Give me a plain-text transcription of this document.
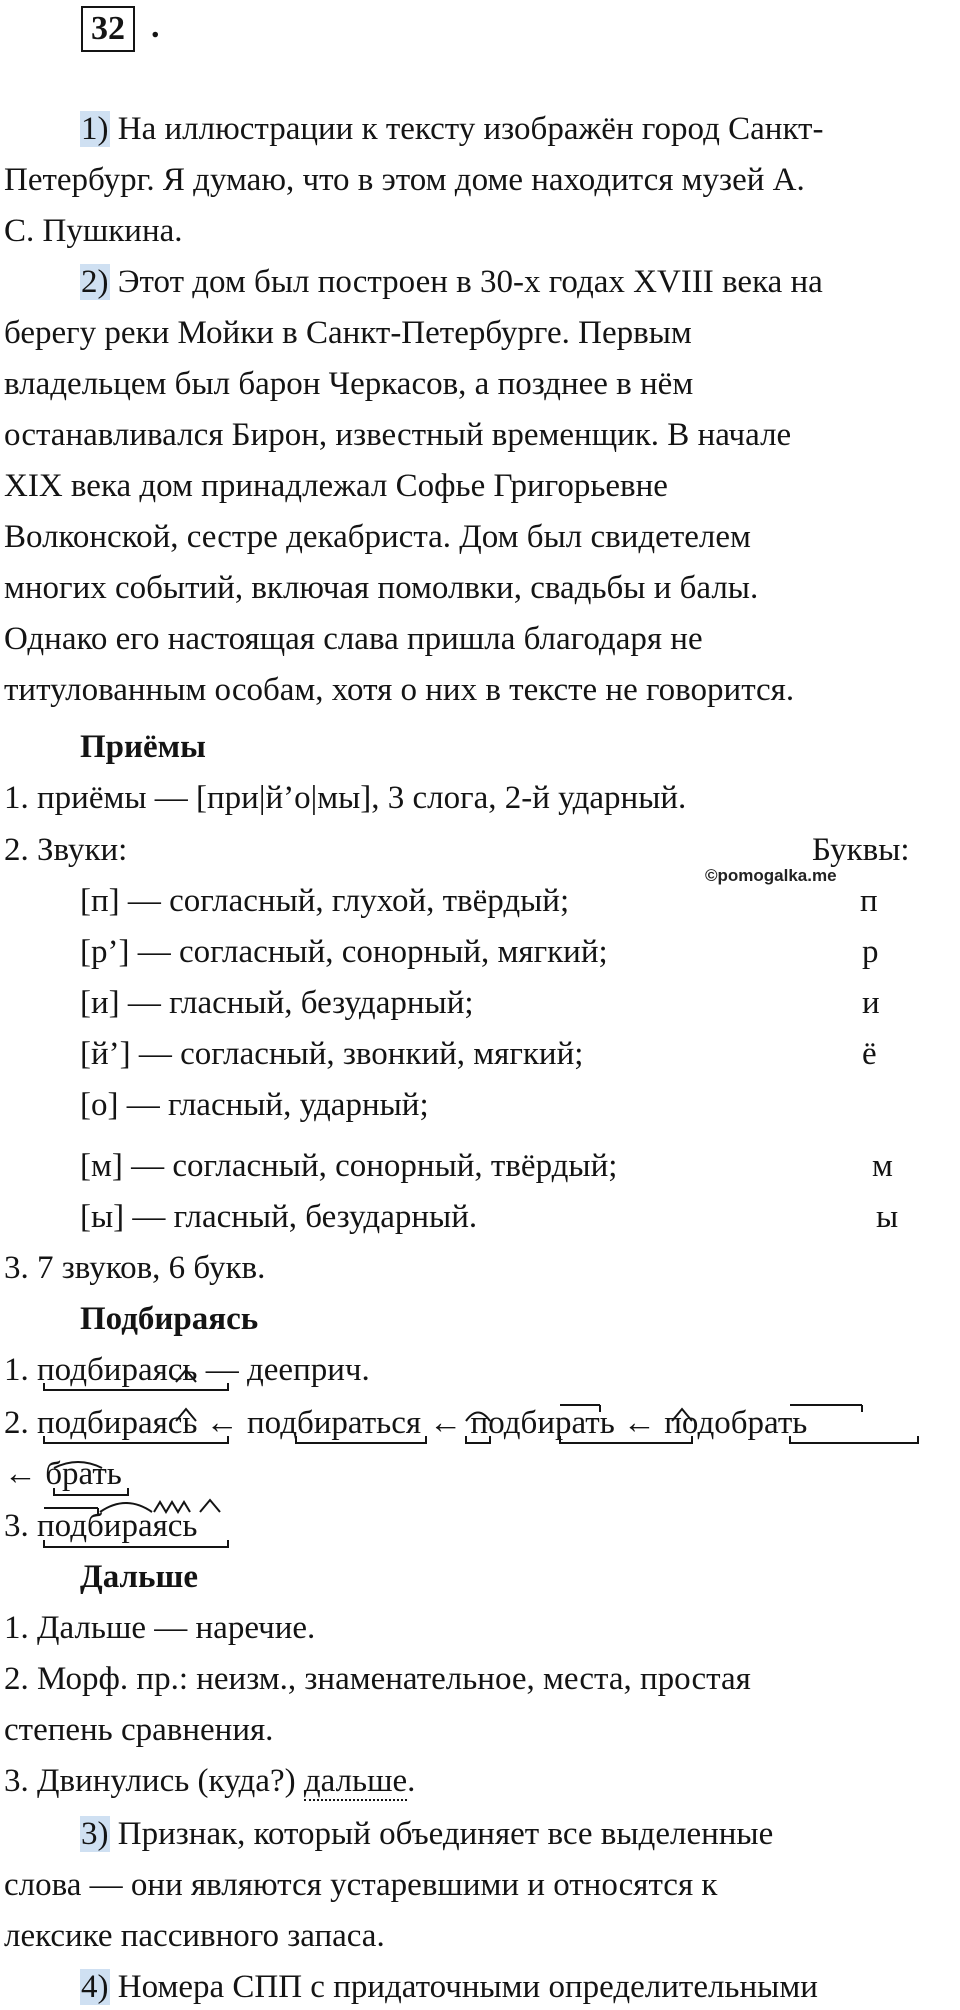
32 .
1) На иллюстрации к тексту изображён город Санкт-
Петербург. Я думаю, что в этом доме находится музей А.
С. Пушкина.
2) Этот дом был построен в 30-х годах XVIII века на
берегу реки Мойки в Санкт-Петербурге. Первым
владельцем был барон Черкасов, а позднее в нём
останавливался Бирон, известный временщик. В начале
XIX века дом принадлежал Софье Григорьевне
Волконской, сестре декабриста. Дом был свидетелем
многих событий, включая помолвки, свадьбы и балы.
Однако его настоящая слава пришла благодаря не
титулованным особам, хотя о них в тексте не говорится.
Приёмы
1. приёмы — [при|й’о|мы], 3 слога, 2-й ударный.
2. Звуки:	Буквы:
©pomogalka.me
[п] — согласный, глухой, твёрдый;	п
[р’] — согласный, сонорный, мягкий;	р
[и] — гласный, безударный;	и
[й’] — согласный, звонкий, мягкий;	ё
[о] — гласный, ударный;
[м] — согласный, сонорный, твёрдый;	м
[ы] — гласный, безударный.	ы
3. 7 звуков, 6 букв.
Подбираясь
1. подбираясь — дееприч.
2. подбираясь ← подбираться ← подбирать ← подобрать
← брать
3. подбираясь
Дальше
1. Дальше — наречие.
2. Морф. пр.: неизм., знаменательное, места, простая
степень сравнения.
3. Двинулись (куда?) дальше.
3) Признак, который объединяет все выделенные
слова — они являются устаревшими и относятся к
лексике пассивного запаса.
4) Номера СПП с придаточными определительными
